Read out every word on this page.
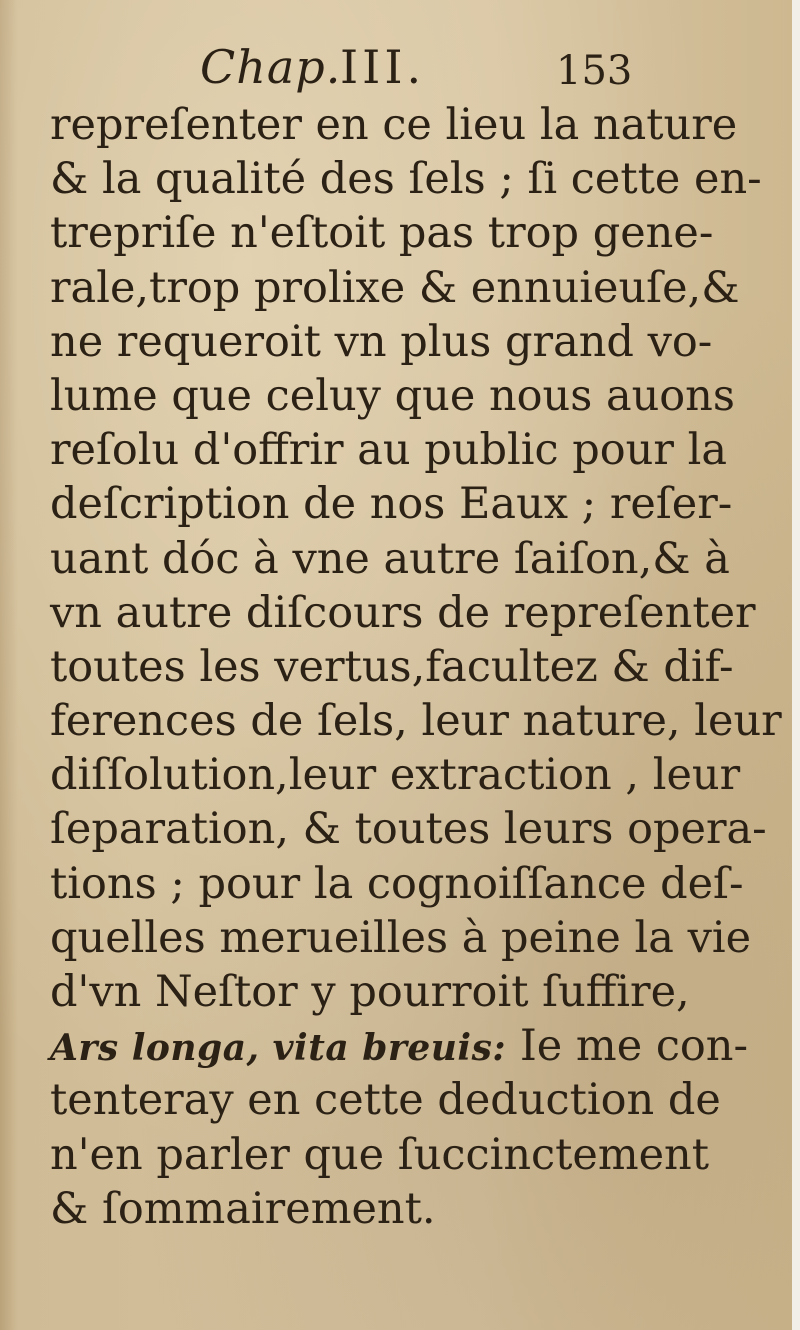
Chap.
III.	153
repreſenter en ce lieu la nature
& la qualité des ſels ; ſi cette en-
trepriſe n'eſtoit pas trop gene-
rale,trop prolixe & ennuieuſe,&
ne requeroit vn plus grand vo-
lume que celuy que nous auons
reſolu d'offrir au public pour la
deſcription de nos Eaux ; reſer-
uant dóc à vne autre ſaiſon,& à
vn autre diſcours de repreſenter
toutes les vertus,facultez & dif-
ferences de ſels, leur nature, leur
diſſolution,leur extraction , leur
ſeparation, & toutes leurs opera-
tions ; pour la cognoiſſance deſ-
quelles merueilles à peine la vie
d'vn Neſtor y pourroit ſuffire,
Ars longa, vita breuis: Ie me con-
tenteray en cette deduction de
n'en parler que ſuccinctement
& ſommairement.
